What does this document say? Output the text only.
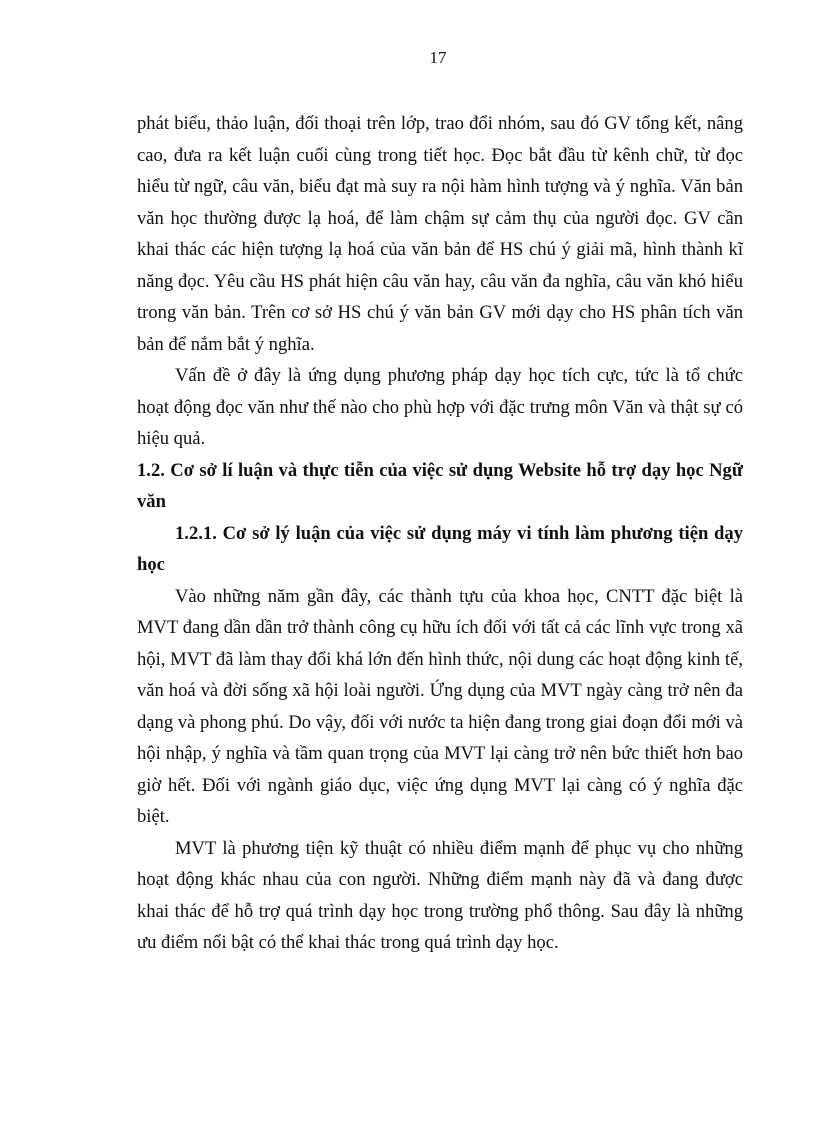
17

phát biểu, thảo luận, đối thoại trên lớp, trao đổi nhóm, sau đó GV tổng kết, nâng cao, đưa ra kết luận cuối cùng trong tiết học. Đọc bắt đầu từ kênh chữ, từ đọc hiểu từ ngữ, câu văn, biểu đạt mà suy ra nội hàm hình tượng và ý nghĩa. Văn bản văn học thường được lạ hoá, để làm chậm sự cảm thụ của người đọc. GV cần khai thác các hiện tượng lạ hoá của văn bản để HS chú ý giải mã, hình thành kĩ năng đọc. Yêu cầu HS phát hiện câu văn hay, câu văn đa nghĩa, câu văn khó hiểu trong văn bản. Trên cơ sở HS chú ý văn bản GV mới dạy cho HS phân tích văn bản để nắm bắt ý nghĩa.

Vấn đề ở đây là ứng dụng phương pháp dạy học tích cực, tức là tổ chức hoạt động đọc văn như thế nào cho phù hợp với đặc trưng môn Văn và thật sự có hiệu quả.

1.2. Cơ sở lí luận và thực tiễn của việc sử dụng Website hỗ trợ dạy học Ngữ văn

1.2.1. Cơ sở lý luận của việc sử dụng máy vi tính làm phương tiện dạy học

Vào những năm gần đây, các thành tựu của khoa học, CNTT đặc biệt là MVT đang dần dần trở thành công cụ hữu ích đối với tất cả các lĩnh vực trong xã hội, MVT đã làm thay đổi khá lớn đến hình thức, nội dung các hoạt động kinh tế, văn hoá và đời sống xã hội loài người. Ứng dụng của MVT ngày càng trở nên đa dạng và phong phú. Do vậy, đối với nước ta hiện đang trong giai đoạn đổi mới và hội nhập, ý nghĩa và tầm quan trọng của MVT lại càng trở nên bức thiết hơn bao giờ hết. Đối với ngành giáo dục, việc ứng dụng MVT lại càng có ý nghĩa đặc biệt.

MVT là phương tiện kỹ thuật có nhiều điểm mạnh để phục vụ cho những hoạt động khác nhau của con người. Những điểm mạnh này đã và đang được khai thác để hỗ trợ quá trình dạy học trong trường phổ thông. Sau đây là những ưu điểm nổi bật có thể khai thác trong quá trình dạy học.
